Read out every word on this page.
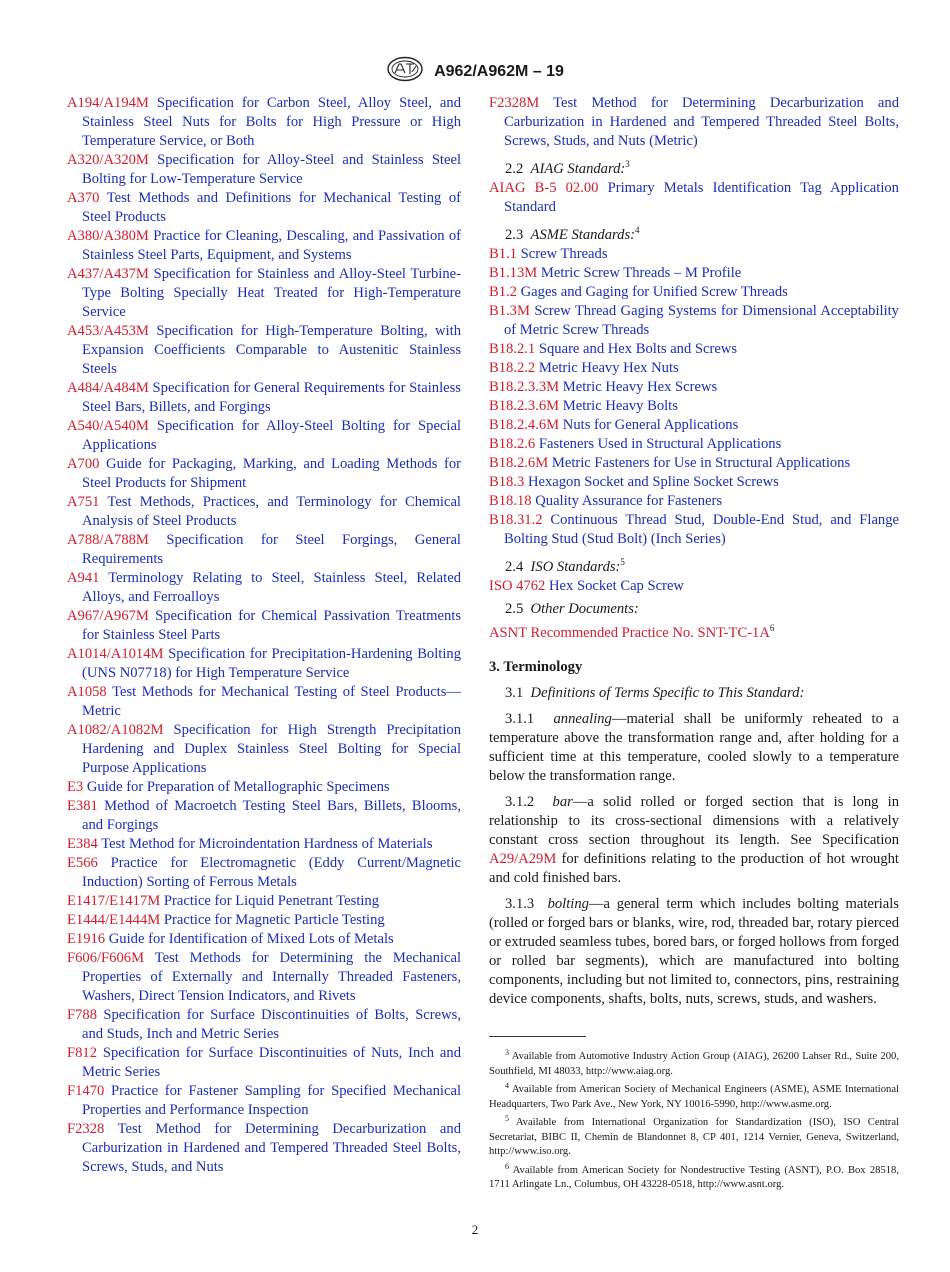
A962/A962M – 19
A194/A194M Specification for Carbon Steel, Alloy Steel, and Stainless Steel Nuts for Bolts for High Pressure or High Temperature Service, or Both
A320/A320M Specification for Alloy-Steel and Stainless Steel Bolting for Low-Temperature Service
A370 Test Methods and Definitions for Mechanical Testing of Steel Products
A380/A380M Practice for Cleaning, Descaling, and Passivation of Stainless Steel Parts, Equipment, and Systems
A437/A437M Specification for Stainless and Alloy-Steel Turbine-Type Bolting Specially Heat Treated for High-Temperature Service
A453/A453M Specification for High-Temperature Bolting, with Expansion Coefficients Comparable to Austenitic Stainless Steels
A484/A484M Specification for General Requirements for Stainless Steel Bars, Billets, and Forgings
A540/A540M Specification for Alloy-Steel Bolting for Special Applications
A700 Guide for Packaging, Marking, and Loading Methods for Steel Products for Shipment
A751 Test Methods, Practices, and Terminology for Chemical Analysis of Steel Products
A788/A788M Specification for Steel Forgings, General Requirements
A941 Terminology Relating to Steel, Stainless Steel, Related Alloys, and Ferroalloys
A967/A967M Specification for Chemical Passivation Treatments for Stainless Steel Parts
A1014/A1014M Specification for Precipitation-Hardening Bolting (UNS N07718) for High Temperature Service
A1058 Test Methods for Mechanical Testing of Steel Products—Metric
A1082/A1082M Specification for High Strength Precipitation Hardening and Duplex Stainless Steel Bolting for Special Purpose Applications
E3 Guide for Preparation of Metallographic Specimens
E381 Method of Macroetch Testing Steel Bars, Billets, Blooms, and Forgings
E384 Test Method for Microindentation Hardness of Materials
E566 Practice for Electromagnetic (Eddy Current/Magnetic Induction) Sorting of Ferrous Metals
E1417/E1417M Practice for Liquid Penetrant Testing
E1444/E1444M Practice for Magnetic Particle Testing
E1916 Guide for Identification of Mixed Lots of Metals
F606/F606M Test Methods for Determining the Mechanical Properties of Externally and Internally Threaded Fasteners, Washers, Direct Tension Indicators, and Rivets
F788 Specification for Surface Discontinuities of Bolts, Screws, and Studs, Inch and Metric Series
F812 Specification for Surface Discontinuities of Nuts, Inch and Metric Series
F1470 Practice for Fastener Sampling for Specified Mechanical Properties and Performance Inspection
F2328 Test Method for Determining Decarburization and Carburization in Hardened and Tempered Threaded Steel Bolts, Screws, Studs, and Nuts
F2328M Test Method for Determining Decarburization and Carburization in Hardened and Tempered Threaded Steel Bolts, Screws, Studs, and Nuts (Metric)
2.2 AIAG Standard:$^3$
AIAG B-5 02.00 Primary Metals Identification Tag Application Standard
2.3 ASME Standards:$^4$
B1.1 Screw Threads
B1.13M Metric Screw Threads – M Profile
B1.2 Gages and Gaging for Unified Screw Threads
B1.3M Screw Thread Gaging Systems for Dimensional Acceptability of Metric Screw Threads
B18.2.1 Square and Hex Bolts and Screws
B18.2.2 Metric Heavy Hex Nuts
B18.2.3.3M Metric Heavy Hex Screws
B18.2.3.6M Metric Heavy Bolts
B18.2.4.6M Nuts for General Applications
B18.2.6 Fasteners Used in Structural Applications
B18.2.6M Metric Fasteners for Use in Structural Applications
B18.3 Hexagon Socket and Spline Socket Screws
B18.18 Quality Assurance for Fasteners
B18.31.2 Continuous Thread Stud, Double-End Stud, and Flange Bolting Stud (Stud Bolt) (Inch Series)
2.4 ISO Standards:$^5$
ISO 4762 Hex Socket Cap Screw
2.5 Other Documents:
ASNT Recommended Practice No. SNT-$TC-1A^6$
3. Terminology
3.1 Definitions of Terms Specific to This Standard:
3.1.1 annealing—material shall be uniformly reheated to a temperature above the transformation range and, after holding for a sufficient time at this temperature, cooled slowly to a temperature below the transformation range.
3.1.2 bar—a solid rolled or forged section that is long in relationship to its cross-sectional dimensions with a relatively constant cross section throughout its length. See Specification A29/A29M for definitions relating to the production of hot wrought and cold finished bars.
3.1.3 bolting—a general term which includes bolting materials (rolled or forged bars or blanks, wire, rod, threaded bar, rotary pierced or extruded seamless tubes, bored bars, or forged hollows from forged or rolled bar segments), which are manufactured into bolting components, including but not limited to, connectors, pins, restraining device components, shafts, bolts, nuts, screws, studs, and washers.
$^3$ Available from Automotive Industry Action Group (AIAG), 26200 Lahser Rd., Suite 200, Southfield, MI 48033, http://www.aiag.org.
$^4$ Available from American Society of Mechanical Engineers (ASME), ASME International Headquarters, Two Park Ave., New York, NY 10016-5990, http://www.asme.org.
$^5$ Available from International Organization for Standardization (ISO), ISO Central Secretariat, BIBC II, Chemin de Blandonnet 8, CP 401, 1214 Vernier, Geneva, Switzerland, http://www.iso.org.
$^6$ Available from American Society for Nondestructive Testing (ASNT), P.O. Box 28518, 1711 Arlingate Ln., Columbus, OH 43228-0518, http://www.asnt.org.
2
